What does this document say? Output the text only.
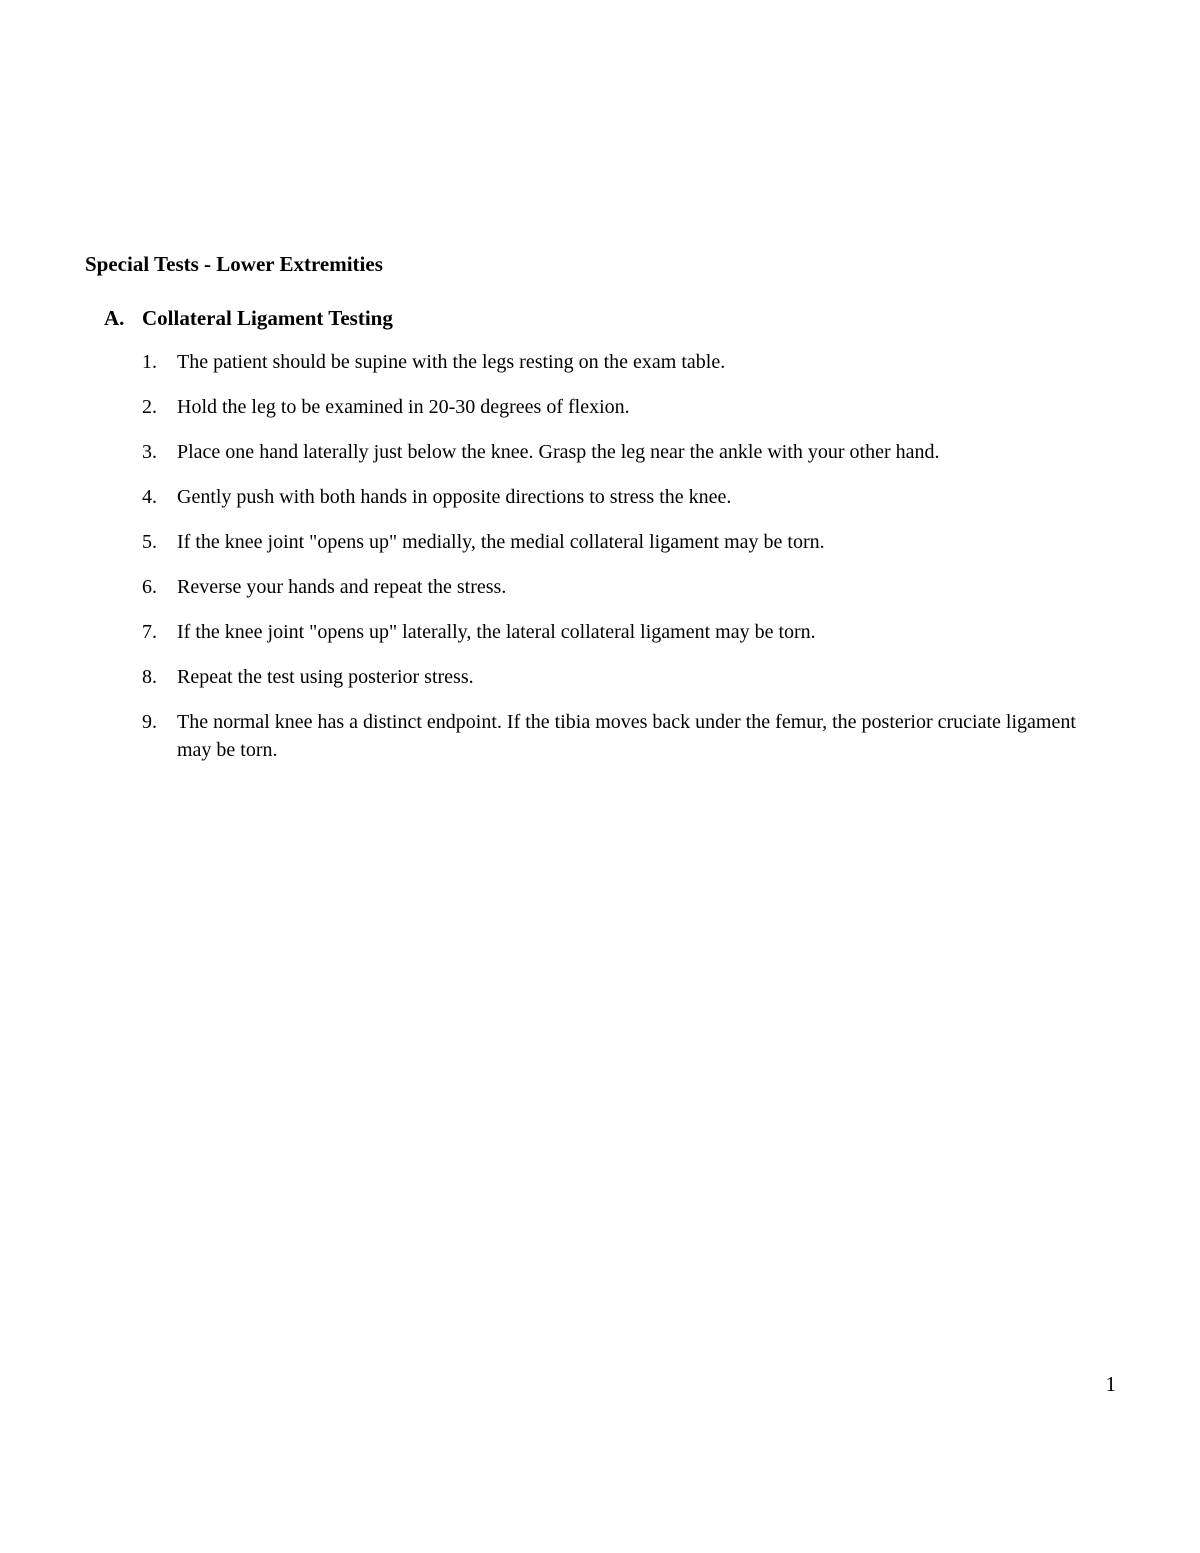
Special Tests - Lower Extremities
A. Collateral Ligament Testing
1.	The patient should be supine with the legs resting on the exam table.
2.	Hold the leg to be examined in 20-30 degrees of flexion.
3.	Place one hand laterally just below the knee. Grasp the leg near the ankle with your other hand.
4.	Gently push with both hands in opposite directions to stress the knee.
5.	If the knee joint "opens up" medially, the medial collateral ligament may be torn.
6.	Reverse your hands and repeat the stress.
7.	If the knee joint "opens up" laterally, the lateral collateral ligament may be torn.
8.	Repeat the test using posterior stress.
9.	The normal knee has a distinct endpoint. If the tibia moves back under the femur, the posterior cruciate ligament may be torn.
1
